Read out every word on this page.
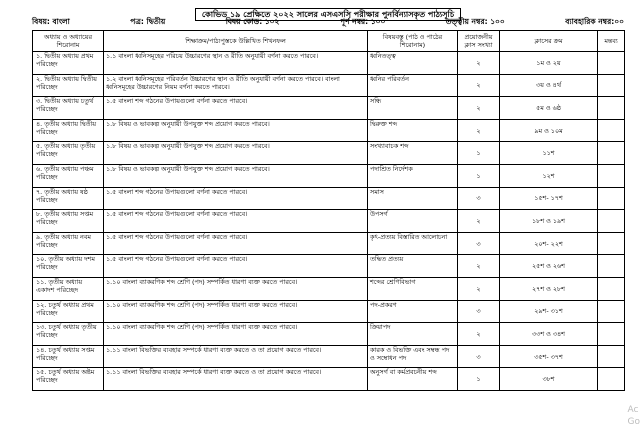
কোভিড ১৯ প্রেক্ষিতে ২০২২ সালের এসএসসি পরীক্ষার পুনর্বিন্যাসকৃত পাঠ্যসূচি
বিষয়: বাংলা	পত্র: দ্বিতীয়	বিষয় কোড: ১০২	পূর্ণ নম্বর: ১০০	তত্ত্বীয় নম্বর: ১০০	ব্যাবহারিক নম্বর:০০
অধ্যায় ও অধ্যায়ের শিরোনাম	শিক্ষাক্রম/পাঠ্যপুস্তকে উল্লিখিত শিখনফল	বিষয়বস্তু (পাঠ ও পাঠের শিরোনাম)	প্রয়োজনীয় ক্লাস সংখ্যা	ক্লাসের ক্রম	মন্তব্য
১. দ্বিতীয় অধ্যায় প্রথম পরিচ্ছেদ	১.১ বাংলা ধ্বনিসমূহের পরিচয় উচ্চারণের স্থান ও রীতি অনুযায়ী বর্ণনা করতে পারবে।	ধ্বনিতত্ত্ব	২	১ম ও ২য়	
২. দ্বিতীয় অধ্যায় দ্বিতীয় পরিচ্ছেদ	১.২ বাংলা ধ্বনিসমূহের পরিবর্তন উচ্চারণের স্থান ও রীতি অনুযায়ী বর্ণনা করতে পারবে। বাংলা ধ্বনিসমূহের উচ্চারণের নিয়ম বর্ণনা করতে পারবে।	ধ্বনির পরিবর্তন	২	৩য় ও ৪র্থ	
৩. দ্বিতীয় অধ্যায় চতুর্থ পরিচ্ছেদ	১.৫ বাংলা শব্দ গঠনের উপায়গুলো বর্ণনা করতে পারবে।	সন্ধি	২	৫ম ও ৬ষ্ঠ	
৪. তৃতীয় অধ্যায় দ্বিতীয় পরিচ্ছেদ	১.৮ বিষয় ও ভাবকল্প অনুযায়ী উপযুক্ত শব্দ প্রয়োগ করতে পারবে।	দ্বিরুক্ত শব্দ	২	৯ম ও ১০ম	
৫. তৃতীয় অধ্যায় তৃতীয় পরিচ্ছেদ	১.৮ বিষয় ও ভাবকল্প অনুযায়ী উপযুক্ত শব্দ প্রয়োগ করতে পারবে।	সংখ্যাবাচক শব্দ	১	১১শ	
৬. তৃতীয় অধ্যায় পঞ্চম পরিচ্ছেদ	১.৮ বিষয় ও ভাবকল্প অনুযায়ী উপযুক্ত শব্দ প্রয়োগ করতে পারবে।	পদাশ্রিত নির্দেশক	১	১২শ	
৭. তৃতীয় অধ্যায় ষষ্ঠ পরিচ্ছেদ	১.৫ বাংলা শব্দ গঠনের উপায়গুলো বর্ণনা করতে পারবে।	সমাস	৩	১৫শ- ১৭শ	
৮. তৃতীয় অধ্যায় সপ্তম পরিচ্ছেদ	১.৫ বাংলা শব্দ গঠনের উপায়গুলো বর্ণনা করতে পারবে।	উপসর্গ	২	১৮শ ও ১৯শ	
৯. তৃতীয় অধ্যায় নবম পরিচ্ছেদ	১.৫ বাংলা শব্দ গঠনের উপায়গুলো বর্ণনা করতে পারবে।	কৃৎ-প্রত্যয় বিস্তারিত আলোচনা	৩	২০শ- ২২শ	
১০. তৃতীয় অধ্যায় দশম পরিচ্ছেদ	১.৫ বাংলা শব্দ গঠনের উপায়গুলো বর্ণনা করতে পারবে।	তদ্ধিত প্রত্যয়	২	২৫শ ও ২৬শ	
১১. তৃতীয় অধ্যায় একাদশ পরিচ্ছেদ	১.১০ বাংলা ব্যাকরণিক শব্দ শ্রেণি (পদ) সম্পর্কিত ধারণা ব্যক্ত করতে পারবে।	শব্দের শ্রেণিবিভাগ	২	২৭শ ও ২৮শ	
১২. চতুর্থ অধ্যায় প্রথম পরিচ্ছেদ	১.১০ বাংলা ব্যাকরণিক শব্দ শ্রেণি (পদ) সম্পর্কিত ধারণা ব্যক্ত করতে পারবে।	পদ-প্রকরণ	৩	২৯শ- ৩১শ	
১৩. চতুর্থ অধ্যায় তৃতীয় পরিচ্ছেদ	১.১০ বাংলা ব্যাকরণিক শব্দ শ্রেণি (পদ) সম্পর্কিত ধারণা ব্যক্ত করতে পারবে।	ক্রিয়াপদ	২	৩৩শ ও ৩৪শ	
১৪. চতুর্থ অধ্যায় সপ্তম পরিচ্ছেদ	১.১১ বাংলা বিভক্তির ব্যবহার সম্পর্কে ধারণা ব্যক্ত করতে ও তা প্রয়োগ করতে পারবে।	কারক ও বিভক্তি এবং সম্বন্ধ পদ ও সম্বোধন পদ	৩	৩৫শ- ৩৭শ	
১৫. চতুর্থ অধ্যায় অষ্টম পরিচ্ছেদ	১.১১ বাংলা বিভক্তির ব্যবহার সম্পর্কে ধারণা ব্যক্ত করতে ও তা প্রয়োগ করতে পারবে।	অনুসর্গ বা কর্মপ্রবচনীয় শব্দ	১	৩৮শ	
Ac
Go
